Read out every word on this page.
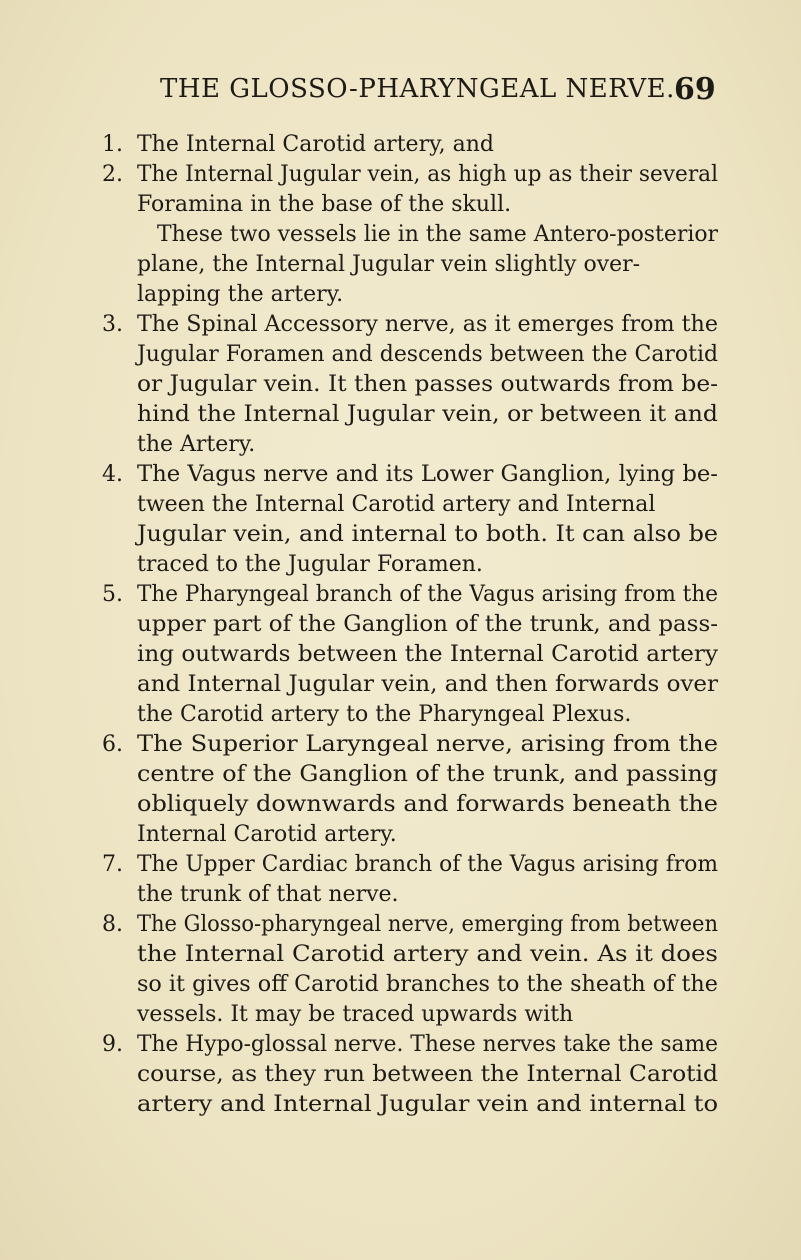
THE GLOSSO-PHARYNGEAL NERVE. 69
1. The Internal Carotid artery, and
2. The Internal Jugular vein, as high up as their several
Foramina in the base of the skull.
These two vessels lie in the same Antero-posterior
plane, the Internal Jugular vein slightly over-
lapping the artery.
3. The Spinal Accessory nerve, as it emerges from the
Jugular Foramen and descends between the Carotid
or Jugular vein. It then passes outwards from be-
hind the Internal Jugular vein, or between it and
the Artery.
4. The Vagus nerve and its Lower Ganglion, lying be-
tween the Internal Carotid artery and Internal
Jugular vein, and internal to both. It can also be
traced to the Jugular Foramen.
5. The Pharyngeal branch of the Vagus arising from the
upper part of the Ganglion of the trunk, and pass-
ing outwards between the Internal Carotid artery
and Internal Jugular vein, and then forwards over
the Carotid artery to the Pharyngeal Plexus.
6. The Superior Laryngeal nerve, arising from the
centre of the Ganglion of the trunk, and passing
obliquely downwards and forwards beneath the
Internal Carotid artery.
7. The Upper Cardiac branch of the Vagus arising from
the trunk of that nerve.
8. The Glosso-pharyngeal nerve, emerging from between
the Internal Carotid artery and vein. As it does
so it gives off Carotid branches to the sheath of the
vessels. It may be traced upwards with
9. The Hypo-glossal nerve. These nerves take the same
course, as they run between the Internal Carotid
artery and Internal Jugular vein and internal to
